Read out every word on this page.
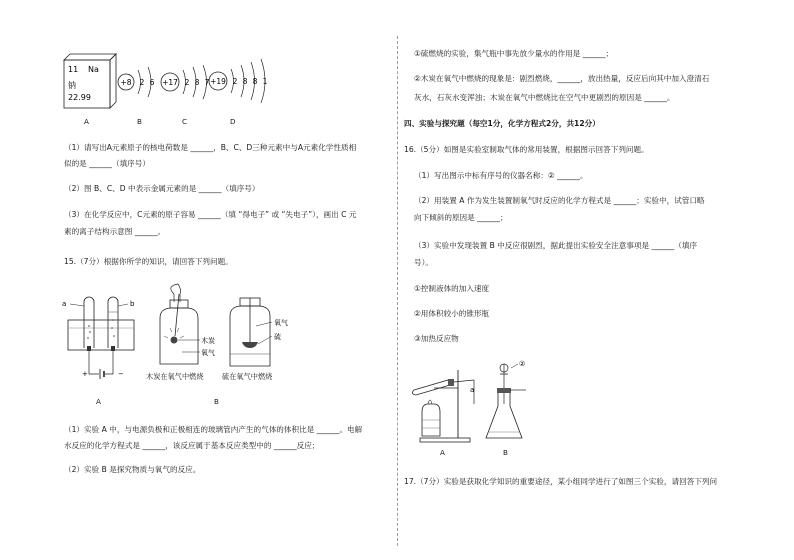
11 Na
钠
22.99
+8 2 6 +17 2 8 7 +19 2 8 8 1
A	B	C	D
（1）请写出A元素原子的核电荷数是 ______，B、C、D三种元素中与A元素化学性质相
似的是 ______（填序号）
（2）图 B、C、D 中表示金属元素的是 ______（填序号）
（3）在化学反应中，C元素的原子容易 ______（填 “得电子” 或 “失电子”），画出 C 元
素的离子结构示意图 ______。
15.（7分）根据你所学的知识，请回答下列问题。
a	b
+	−
A
木炭
氧气
木炭在氧气中燃烧
氧气
硫
硫在氧气中燃烧
B
（1）实验 A 中，与电源负极和正极相连的玻璃管内产生的气体的体积比是 ______。电解
水反应的化学方程式是 ______，该反应属于基本反应类型中的 ______反应；
（2）实验 B 是探究物质与氧气的反应。
①硫燃烧的实验，集气瓶中事先放少量水的作用是 ______；
②木炭在氧气中燃烧的现象是：剧烈燃烧，______，放出热量，反应后向其中加入澄清石
灰水，石灰水变浑浊；木炭在氧气中燃烧比在空气中更剧烈的原因是 ______。
四、实验与探究题（每空1分，化学方程式2分，共12分）
16.（5分）如图是实验室制取气体的常用装置，根据图示回答下列问题。
（1）写出图示中标有序号的仪器名称：② ______。
（2）用装置 A 作为发生装置制氧气时反应的化学方程式是 ______；实验中，试管口略
向下倾斜的原因是 ______；
（3）实验中发现装置 B 中反应很剧烈，据此提出实验安全注意事项是 ______（填序
号）。
①控制液体的加入速度
②用体积较小的锥形瓶
③加热反应物
a
②
A	B
17.（7分）实验是获取化学知识的重要途径，某小组同学进行了如图三个实验，请回答下列问
